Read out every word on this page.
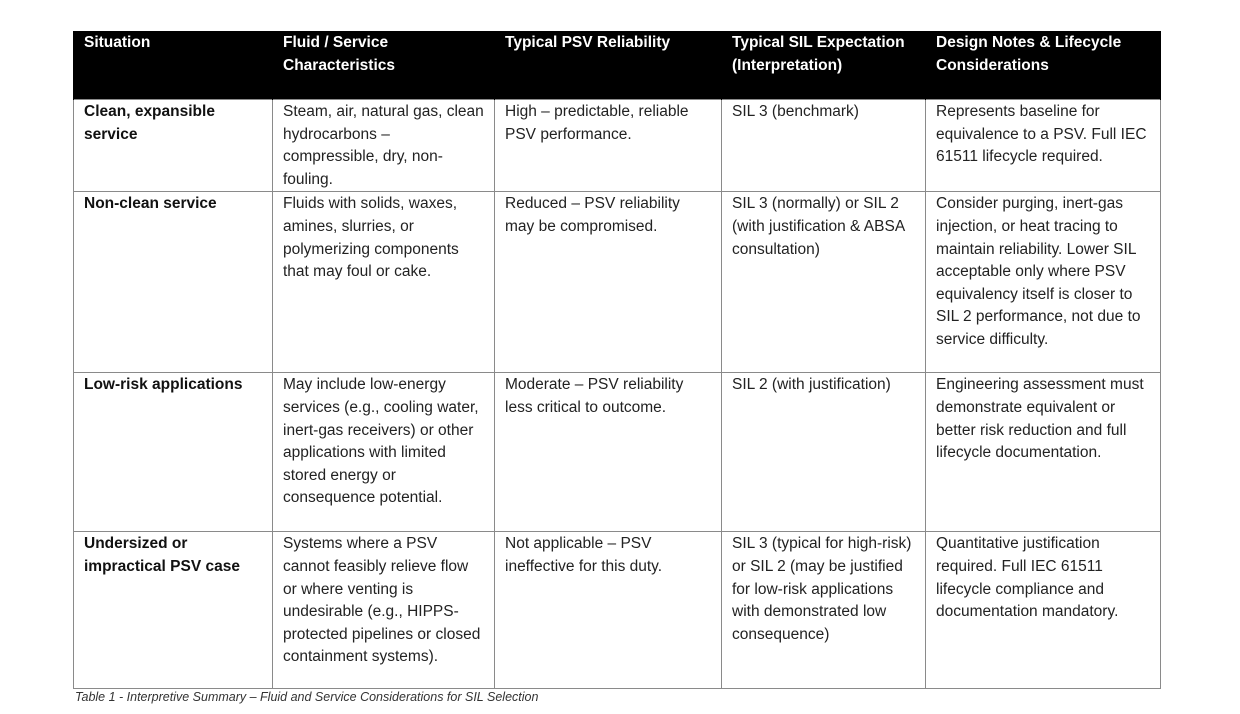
Situation	Fluid / Service Characteristics	Typical PSV Reliability	Typical SIL Expectation (Interpretation)	Design Notes & Lifecycle Considerations
Clean, expansible service	Steam, air, natural gas, clean hydrocarbons – compressible, dry, non-fouling.	High – predictable, reliable PSV performance.	SIL 3 (benchmark)	Represents baseline for equivalence to a PSV. Full IEC 61511 lifecycle required.
Non-clean service	Fluids with solids, waxes, amines, slurries, or polymerizing components that may foul or cake.	Reduced – PSV reliability may be compromised.	SIL 3 (normally) or SIL 2 (with justification & ABSA consultation)	Consider purging, inert-gas injection, or heat tracing to maintain reliability. Lower SIL acceptable only where PSV equivalency itself is closer to SIL 2 performance, not due to service difficulty.
Low-risk applications	May include low-energy services (e.g., cooling water, inert-gas receivers) or other applications with limited stored energy or consequence potential.	Moderate – PSV reliability less critical to outcome.	SIL 2 (with justification)	Engineering assessment must demonstrate equivalent or better risk reduction and full lifecycle documentation.
Undersized or impractical PSV case	Systems where a PSV cannot feasibly relieve flow or where venting is undesirable (e.g., HIPPS-protected pipelines or closed containment systems).	Not applicable – PSV ineffective for this duty.	SIL 3 (typical for high-risk) or SIL 2 (may be justified for low-risk applications with demonstrated low consequence)	Quantitative justification required. Full IEC 61511 lifecycle compliance and documentation mandatory.
Table 1 - Interpretive Summary – Fluid and Service Considerations for SIL Selection
